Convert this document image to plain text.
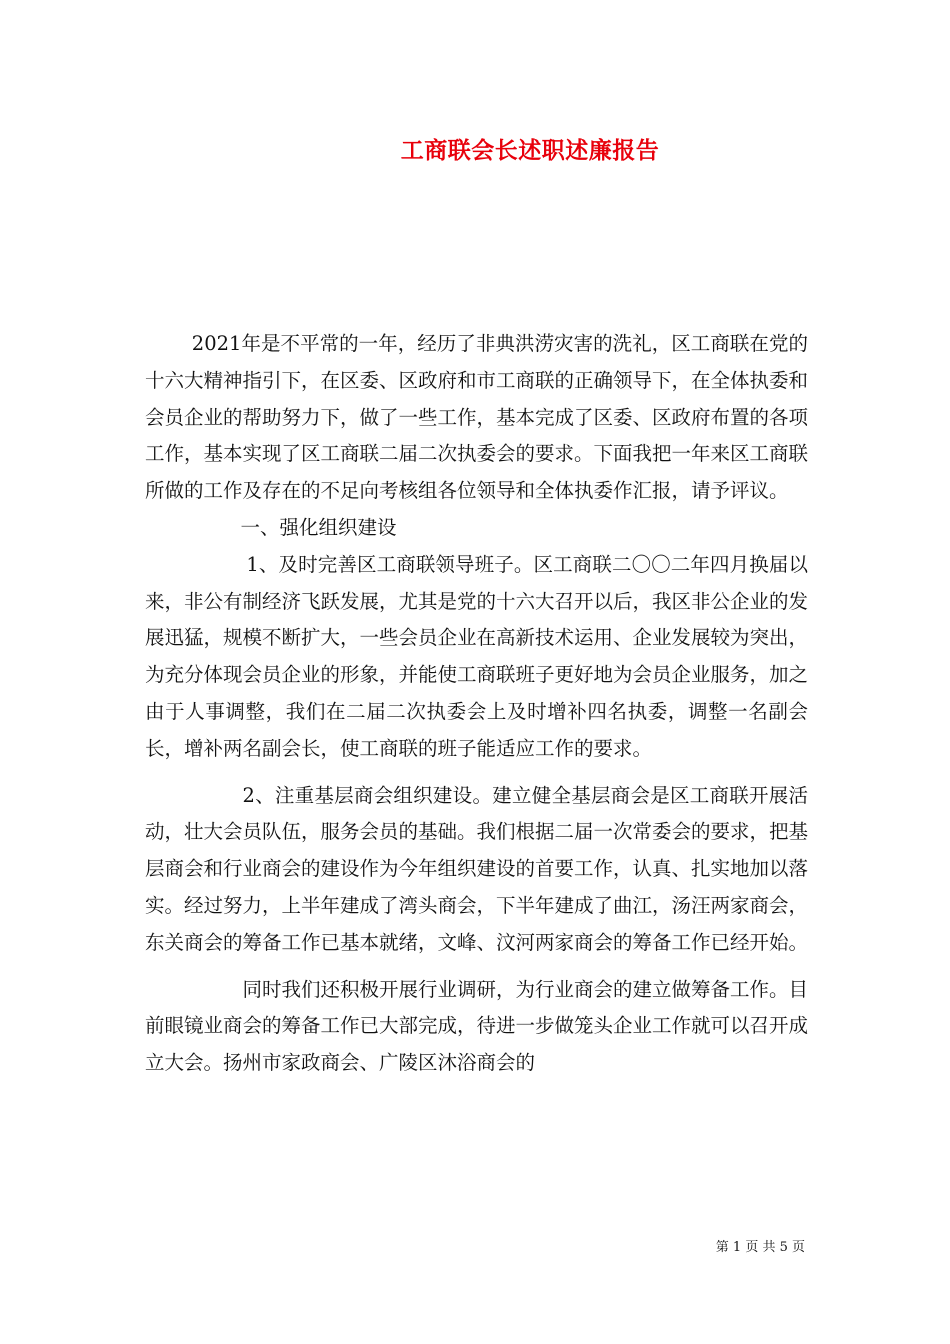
工商联会长述职述廉报告

2021年是不平常的一年，经历了非典洪涝灾害的洗礼，区工商联在党的十六大精神指引下，在区委、区政府和市工商联的正确领导下，在全体执委和会员企业的帮助努力下，做了一些工作，基本完成了区委、区政府布置的各项工作，基本实现了区工商联二届二次执委会的要求。下面我把一年来区工商联所做的工作及存在的不足向考核组各位领导和全体执委作汇报，请予评议。

一、强化组织建设

1、及时完善区工商联领导班子。区工商联二〇〇二年四月换届以来，非公有制经济飞跃发展，尤其是党的十六大召开以后，我区非公企业的发展迅猛，规模不断扩大，一些会员企业在高新技术运用、企业发展较为突出，为充分体现会员企业的形象，并能使工商联班子更好地为会员企业服务，加之由于人事调整，我们在二届二次执委会上及时增补四名执委，调整一名副会长，增补两名副会长，使工商联的班子能适应工作的要求。

2、注重基层商会组织建设。建立健全基层商会是区工商联开展活动，壮大会员队伍，服务会员的基础。我们根据二届一次常委会的要求，把基层商会和行业商会的建设作为今年组织建设的首要工作，认真、扎实地加以落实。经过努力，上半年建成了湾头商会，下半年建成了曲江，汤汪两家商会，东关商会的筹备工作已基本就绪，文峰、汶河两家商会的筹备工作已经开始。

同时我们还积极开展行业调研，为行业商会的建立做筹备工作。目前眼镜业商会的筹备工作已大部完成，待进一步做笼头企业工作就可以召开成立大会。扬州市家政商会、广陵区沐浴商会的

第 1 页 共 5 页
